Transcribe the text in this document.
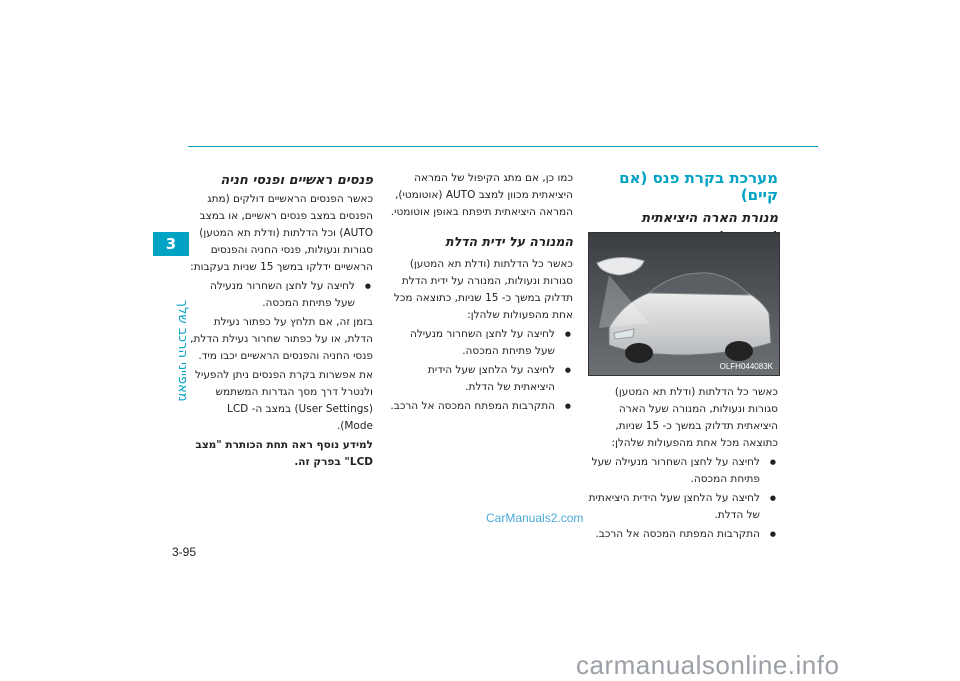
3
מאפייני הרכב שלך
פנסים ראשיים ופנסי חניה

כאשר הפנסים הראשיים דולקים (מתג הפנסים במצב פנסים ראשיים, או במצב AUTO) וכל הדלתות (ודלת תא המטען) סגורות ונעולות, פנסי החניה והפנסים הראשיים ידלקו במשך 15 שניות בעקבות:

● לחיצה על לחצן השחרור מנעילה שעל פתיחת המכסה.

בזמן זה, אם תלחץ על כפתור נעילת הדלת, או על כפתור שחרור נעילת הדלת, פנסי החניה והפנסים הראשיים יכבו מיד.

את אפשרות בקרת הפנסים ניתן להפעיל ולנטרל דרך מסך הגדרות המשתמש (User Settings) במצב ה- LCD (Mode.

למידע נוסף ראה תחת הכותרת "מצב LCD" בפרק זה.

כמו כן, אם מתג הקיפול של המראה היציאתית מכוון למצב AUTO (אוטומטי), המראה היציאתית תיפתח באופן אוטומטי.

המנורה על ידית הדלת

כאשר כל הדלתות (ודלת תא המטען) סגורות ונעולות, המנורה על ידית הדלת תדלוק במשך כ- 15 שניות, כתוצאה מכל אחת מהפעולות שלהלן:

● לחיצה על לחצן השחרור מנעילה שעל פתיחת המכסה.
● לחיצה על הלחצן שעל הידית היציאתית של הדלת.
● התקרבות המפתח המכסה אל הרכב.
מערכת בקרת פנס (אם קיים)
מנורת הארה היציאתית
OLFH044083K

כאשר כל הדלתות (ודלת תא המטען) סגורות ונעולות, המנורה שעל הארה היציאתית תדלוק במשך כ- 15 שניות, כתוצאה מכל אחת מהפעולות שלהלן:

● לחיצה על לחצן השחרור מנעילה שעל פתיחת המכסה.
● לחיצה על הלחצן שעל הידית היציאתית של הדלת.
● התקרבות המפתח המכסה אל הרכב.
CarManuals2.com
3-95
carmanualsonline.info
